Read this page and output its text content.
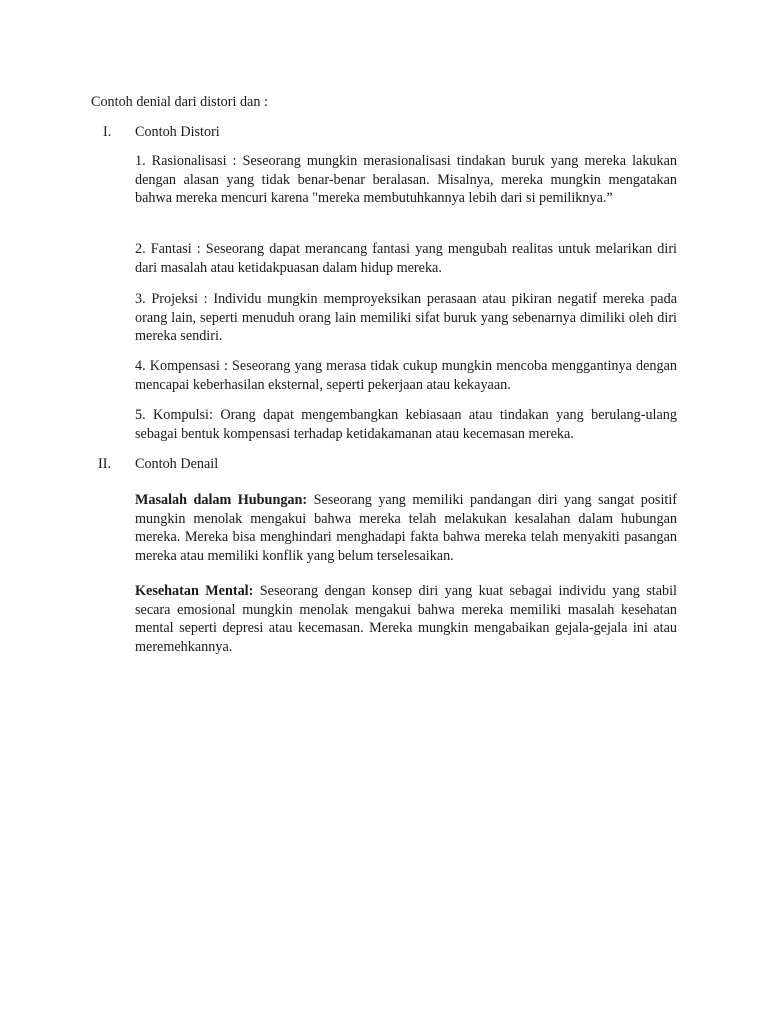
Contoh denial dari distori dan :

I. Contoh Distori

1. Rasionalisasi : Seseorang mungkin merasionalisasi tindakan buruk yang mereka lakukan dengan alasan yang tidak benar-benar beralasan. Misalnya, mereka mungkin mengatakan bahwa mereka mencuri karena "mereka membutuhkannya lebih dari si pemiliknya.”

2. Fantasi : Seseorang dapat merancang fantasi yang mengubah realitas untuk melarikan diri dari masalah atau ketidakpuasan dalam hidup mereka.

3. Projeksi : Individu mungkin memproyeksikan perasaan atau pikiran negatif mereka pada orang lain, seperti menuduh orang lain memiliki sifat buruk yang sebenarnya dimiliki oleh diri mereka sendiri.

4. Kompensasi : Seseorang yang merasa tidak cukup mungkin mencoba menggantinya dengan mencapai keberhasilan eksternal, seperti pekerjaan atau kekayaan.

5. Kompulsi: Orang dapat mengembangkan kebiasaan atau tindakan yang berulang-ulang sebagai bentuk kompensasi terhadap ketidakamanan atau kecemasan mereka.

II. Contoh Denail

Masalah dalam Hubungan: Seseorang yang memiliki pandangan diri yang sangat positif mungkin menolak mengakui bahwa mereka telah melakukan kesalahan dalam hubungan mereka. Mereka bisa menghindari menghadapi fakta bahwa mereka telah menyakiti pasangan mereka atau memiliki konflik yang belum terselesaikan.

Kesehatan Mental: Seseorang dengan konsep diri yang kuat sebagai individu yang stabil secara emosional mungkin menolak mengakui bahwa mereka memiliki masalah kesehatan mental seperti depresi atau kecemasan. Mereka mungkin mengabaikan gejala-gejala ini atau meremehkannya.
